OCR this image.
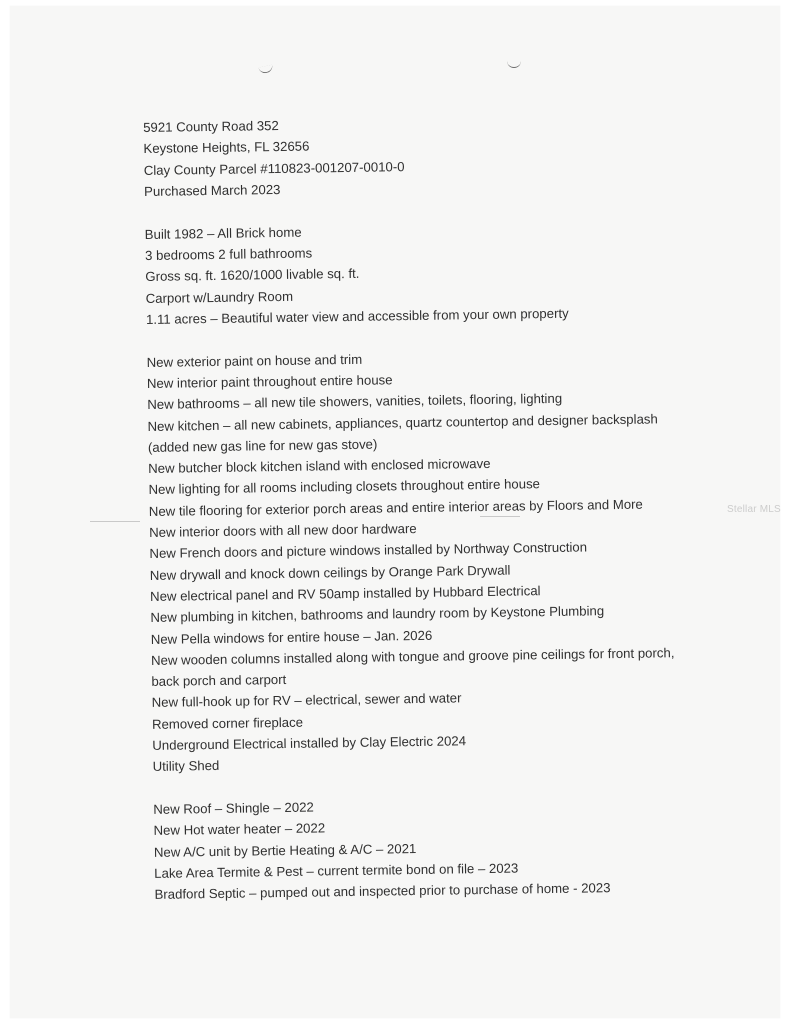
5921 County Road 352
Keystone Heights, FL 32656
Clay County Parcel #110823-001207-0010-0
Purchased March 2023
Built 1982 – All Brick home
3 bedrooms 2 full bathrooms
Gross sq. ft. 1620/1000 livable sq. ft.
Carport w/Laundry Room
1.11 acres – Beautiful water view and accessible from your own property
New exterior paint on house and trim
New interior paint throughout entire house
New bathrooms – all new tile showers, vanities, toilets, flooring, lighting
New kitchen – all new cabinets, appliances, quartz countertop and designer backsplash
(added new gas line for new gas stove)
New butcher block kitchen island with enclosed microwave
New lighting for all rooms including closets throughout entire house
New tile flooring for exterior porch areas and entire interior areas by Floors and More
New interior doors with all new door hardware
New French doors and picture windows installed by Northway Construction
New drywall and knock down ceilings by Orange Park Drywall
New electrical panel and RV 50amp installed by Hubbard Electrical
New plumbing in kitchen, bathrooms and laundry room by Keystone Plumbing
New Pella windows for entire house – Jan. 2026
New wooden columns installed along with tongue and groove pine ceilings for front porch,
back porch and carport
New full-hook up for RV – electrical, sewer and water
Removed corner fireplace
Underground Electrical installed by Clay Electric 2024
Utility Shed
New Roof – Shingle – 2022
New Hot water heater – 2022
New A/C unit by Bertie Heating & A/C – 2021
Lake Area Termite & Pest – current termite bond on file – 2023
Bradford Septic – pumped out and inspected prior to purchase of home - 2023
Stellar MLS
